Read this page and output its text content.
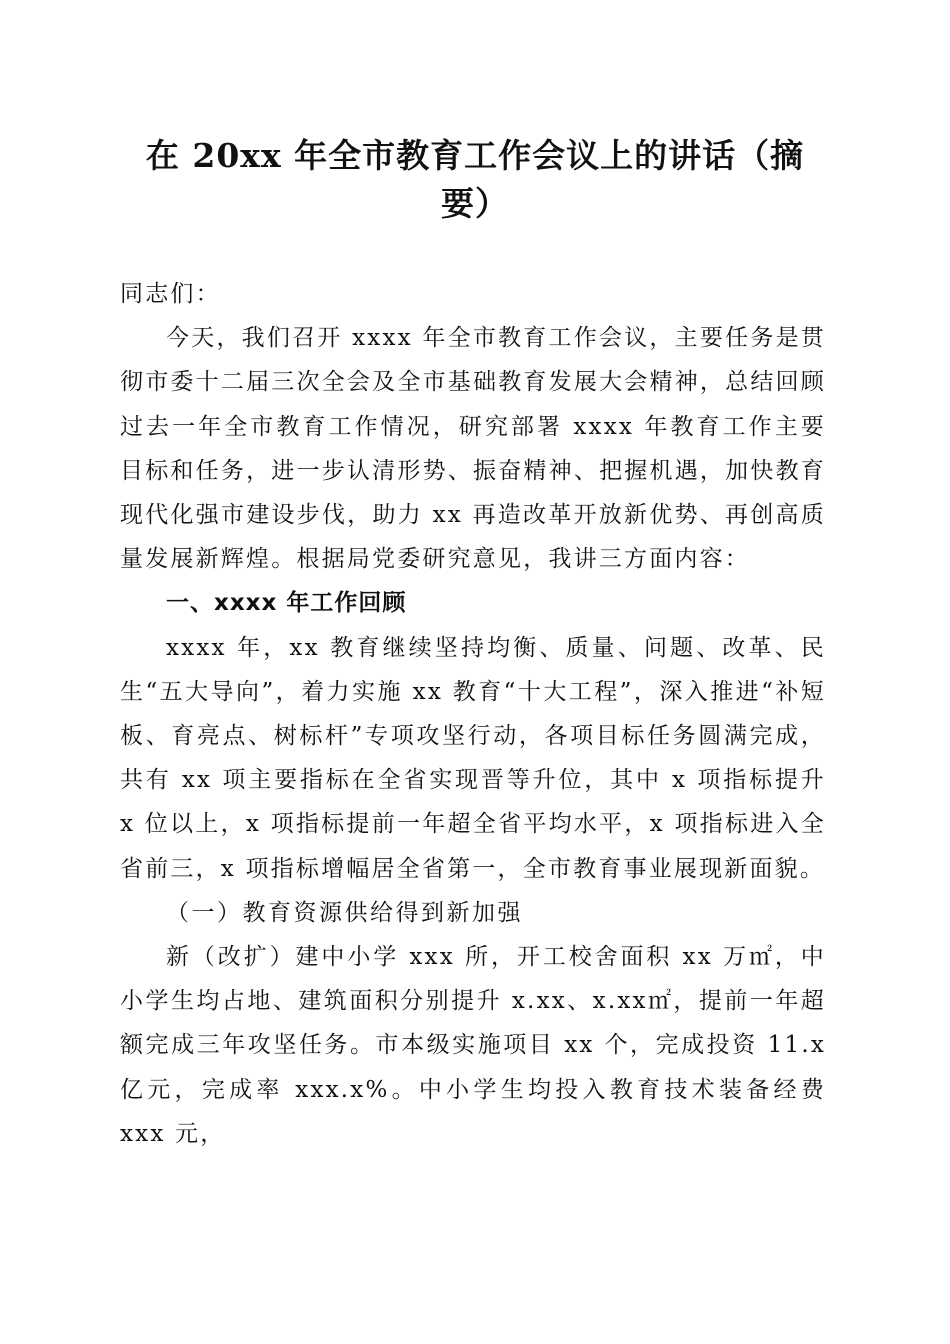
在 20xx 年全市教育工作会议上的讲话（摘要）

同志们：

今天，我们召开 xxxx 年全市教育工作会议，主要任务是贯彻市委十二届三次全会及全市基础教育发展大会精神，总结回顾过去一年全市教育工作情况，研究部署 xxxx 年教育工作主要目标和任务，进一步认清形势、振奋精神、把握机遇，加快教育现代化强市建设步伐，助力 xx 再造改革开放新优势、再创高质量发展新辉煌。根据局党委研究意见，我讲三方面内容：

一、xxxx 年工作回顾

xxxx 年，xx 教育继续坚持均衡、质量、问题、改革、民生“五大导向”，着力实施 xx 教育“十大工程”，深入推进“补短板、育亮点、树标杆”专项攻坚行动，各项目标任务圆满完成，共有 xx 项主要指标在全省实现晋等升位，其中 x 项指标提升 x 位以上，x 项指标提前一年超全省平均水平，x 项指标进入全省前三，x 项指标增幅居全省第一，全市教育事业展现新面貌。

（一）教育资源供给得到新加强

新（改扩）建中小学 xxx 所，开工校舍面积 xx 万㎡，中小学生均占地、建筑面积分别提升 x.xx、x.xx㎡，提前一年超额完成三年攻坚任务。市本级实施项目 xx 个，完成投资 11.x 亿元，完成率 xxx.x%。中小学生均投入教育技术装备经费 xxx 元，
